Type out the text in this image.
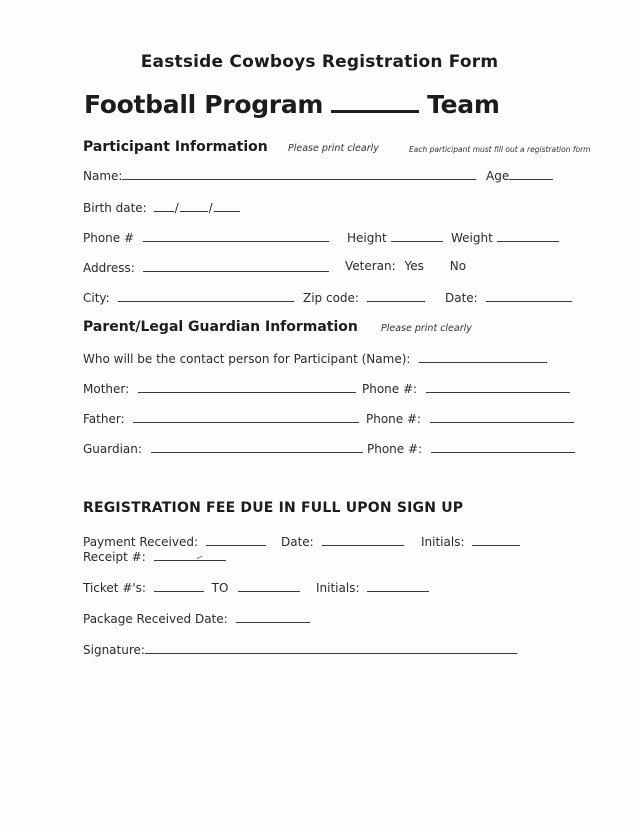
Eastside Cowboys Registration Form
Football Program	Team
Participant Information Please print clearly	Each participant must fill out a registration form
Name:	Age
Birth date: /	/
Phone #	Height	Weight
Address:	Veteran: Yes No
City:	Zip code:	Date:
Parent/Legal Guardian Information Please print clearly
Who will be the contact person for Participant (Name):
Mother:	Phone #:
Father:	Phone #:
Guardian:	Phone #:
REGISTRATION FEE DUE IN FULL UPON SIGN UP
Payment Received:	Date:	Initials:
Receipt #:
Ticket #'s:	TO	Initials:
Package Received Date:
Signature:
